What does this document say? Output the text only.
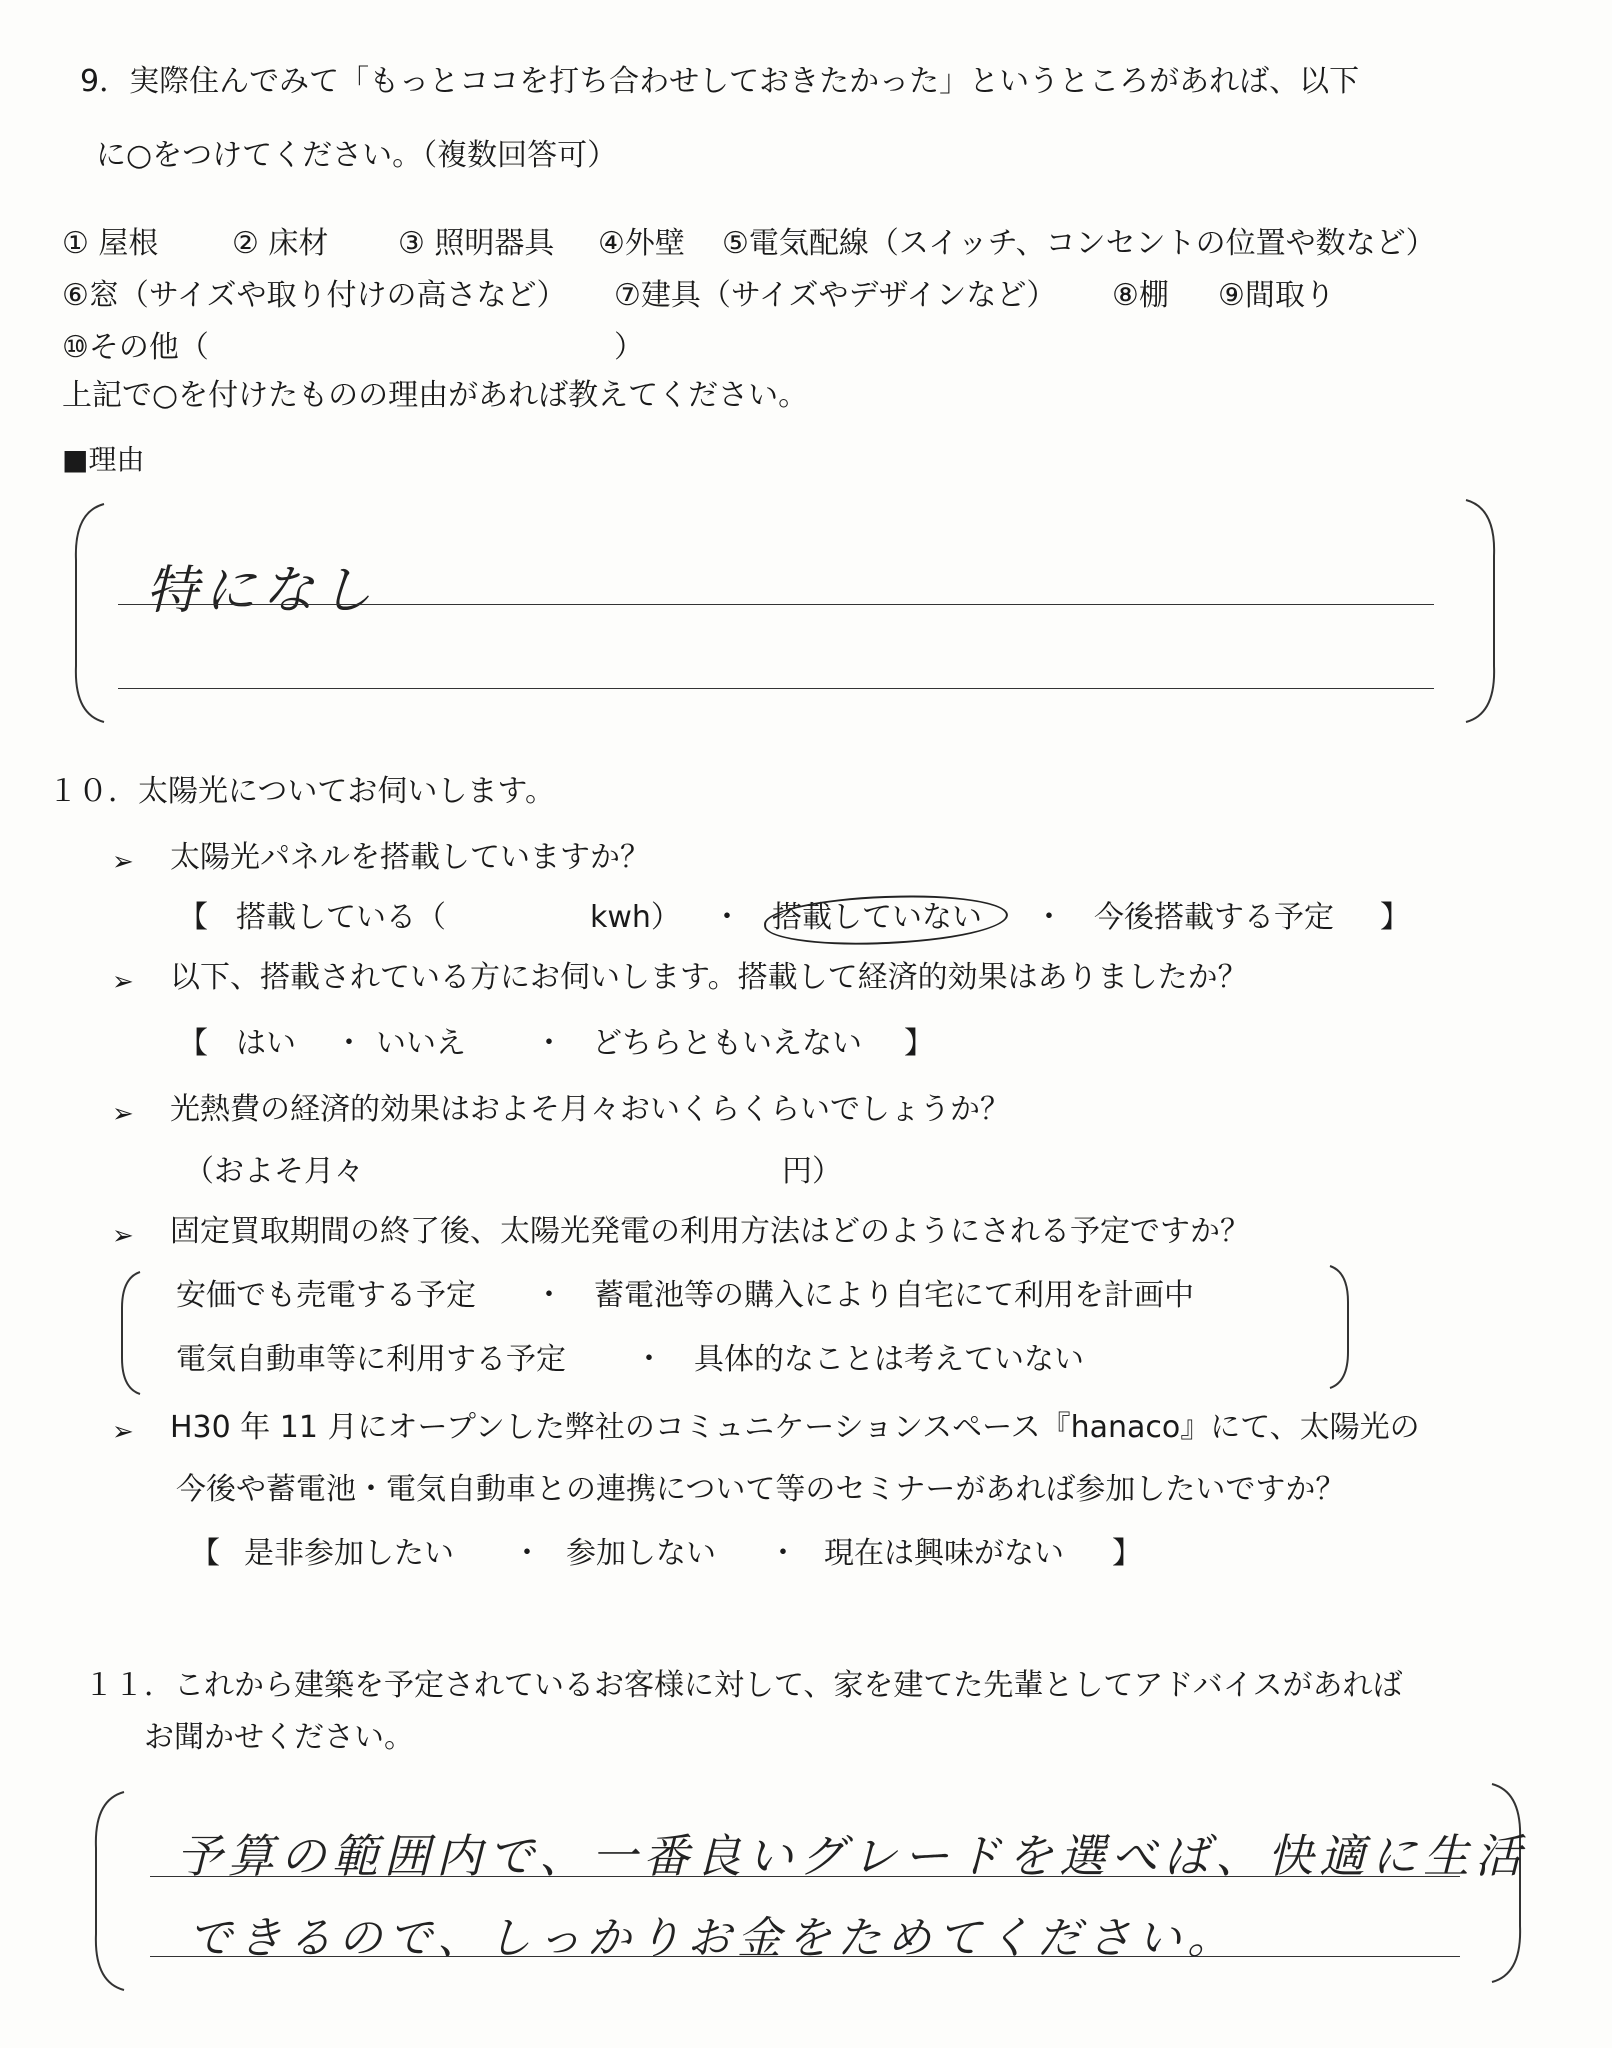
9．実際住んでみて「もっとココを打ち合わせしておきたかった」というところがあれば、以下
に○をつけてください。（複数回答可）
① 屋根 ② 床材 ③ 照明器具 ④外壁 ⑤電気配線（スイッチ、コンセントの位置や数など）
⑥窓（サイズや取り付けの高さなど） ⑦建具（サイズやデザインなど） ⑧棚 ⑨間取り
⑩その他（	）
上記で○を付けたものの理由があれば教えてください。
■理由
特になし
１０．太陽光についてお伺いします。
➢ 太陽光パネルを搭載していますか？
【 搭載している（	kwh） ・ 搭載していない ・ 今後搭載する予定 】
➢ 以下、搭載されている方にお伺いします。搭載して経済的効果はありましたか？
【 はい ・ いいえ ・ どちらともいえない 】
➢ 光熱費の経済的効果はおよそ月々おいくらくらいでしょうか？
（およそ月々	円）
➢ 固定買取期間の終了後、太陽光発電の利用方法はどのようにされる予定ですか？
安価でも売電する予定 ・ 蓄電池等の購入により自宅にて利用を計画中
電気自動車等に利用する予定 ・ 具体的なことは考えていない
➢ H30 年 11 月にオープンした弊社のコミュニケーションスペース『hanaco』にて、太陽光の
今後や蓄電池・電気自動車との連携について等のセミナーがあれば参加したいですか？
【 是非参加したい ・ 参加しない ・ 現在は興味がない 】
１１．これから建築を予定されているお客様に対して、家を建てた先輩としてアドバイスがあれば
お聞かせください。
予算の範囲内で、一番良いグレードを選べば、快適に生活
できるので、しっかりお金をためてください。
